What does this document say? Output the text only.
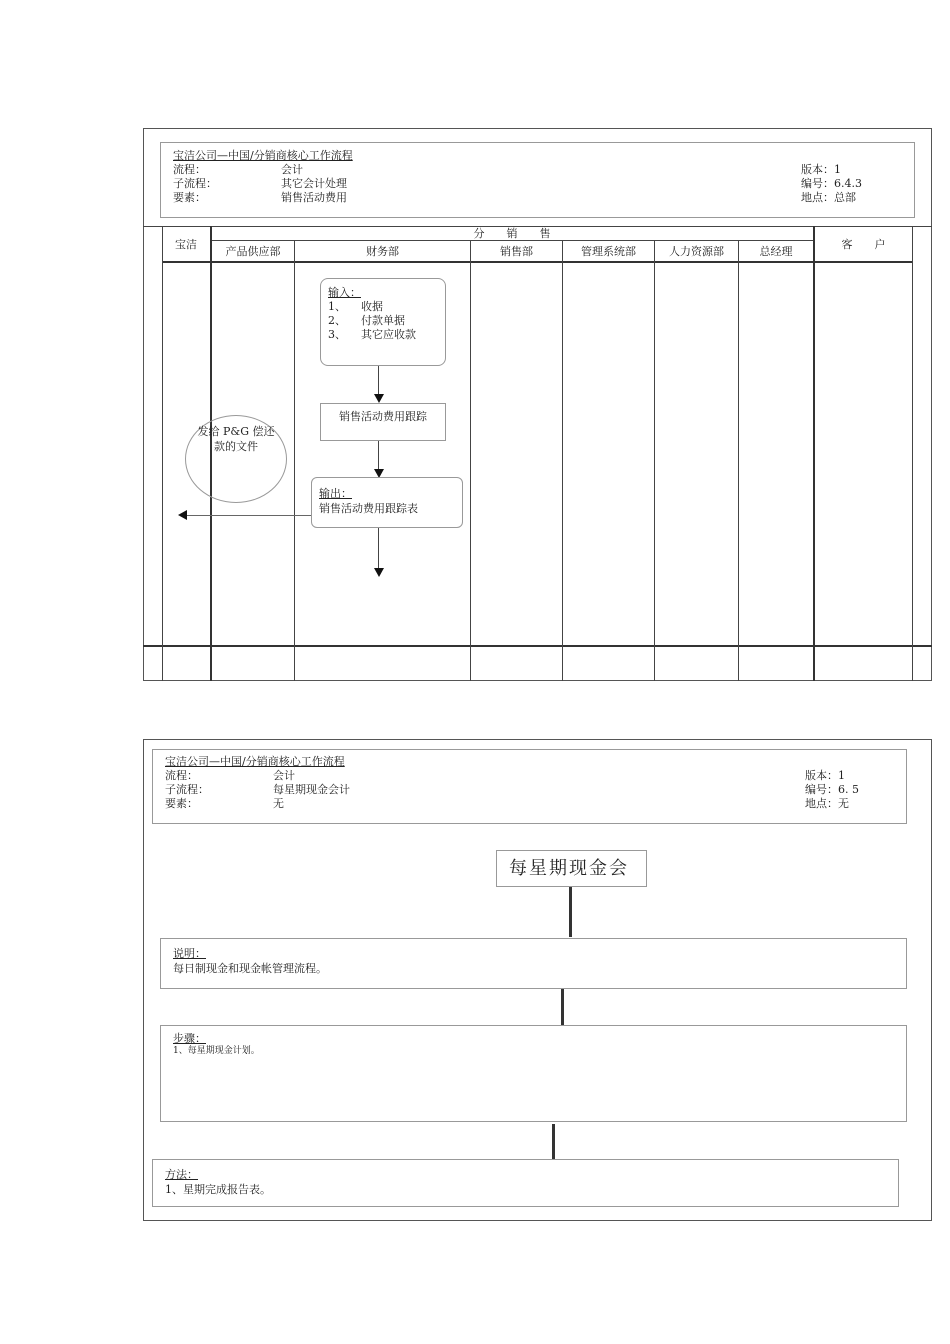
宝洁公司—中国/分销商核心工作流程
流程：	会计
子流程：	其它会计处理
要素：	销售活动费用
版本：1
编号：6.4.3
地点：总部
宝洁
分　　销　　售
产品供应部	财务部	销售部	管理系统部	人力资源部	总经理
客　　户
输入：
1、 收据
2、 付款单据
3、 其它应收款
销售活动费用跟踪
发给 P&G 偿还
款的文件
输出：
销售活动费用跟踪表
宝洁公司—中国/分销商核心工作流程
流程：	会计
子流程：	每星期现金会计
要素：	无
版本：1
编号：6. 5
地点：无
每星期现金会
说明：
每日制现金和现金帐管理流程。
步骤：
1、每星期现金计划。
方法：
1、星期完成报告表。
